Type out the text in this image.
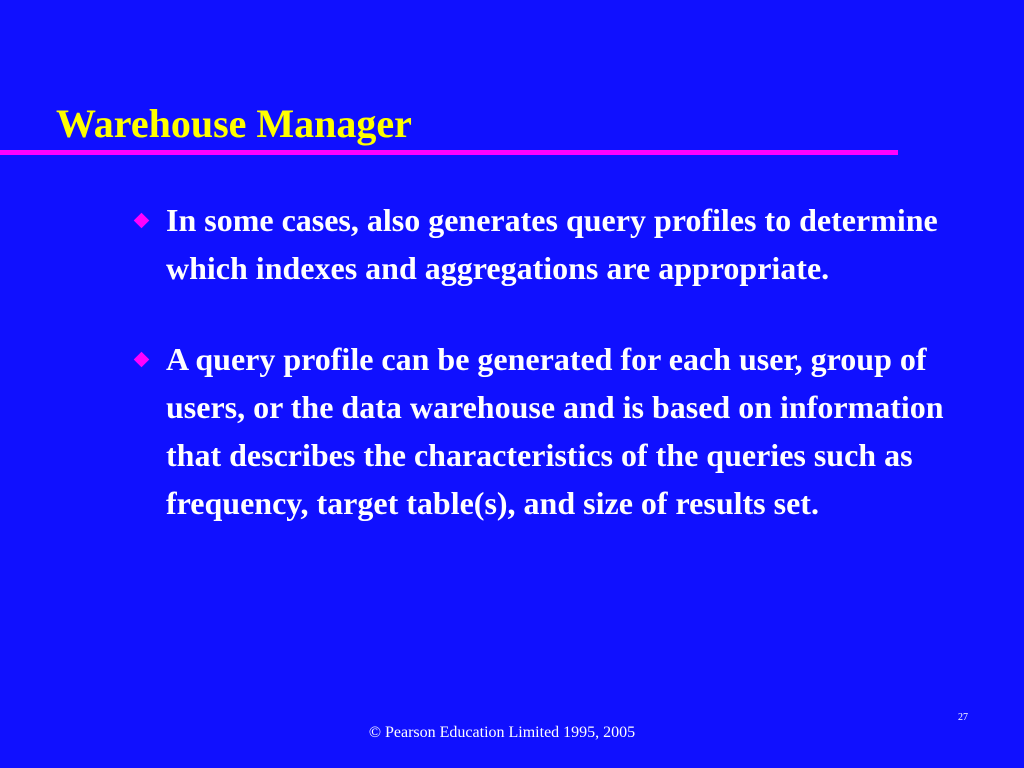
Warehouse Manager
In some cases, also generates query profiles to determine which indexes and aggregations are appropriate.
A query profile can be generated for each user, group of users, or the data warehouse and is based on information that describes the characteristics of the queries such as frequency, target table(s), and size of results set.
27
© Pearson Education Limited 1995, 2005
